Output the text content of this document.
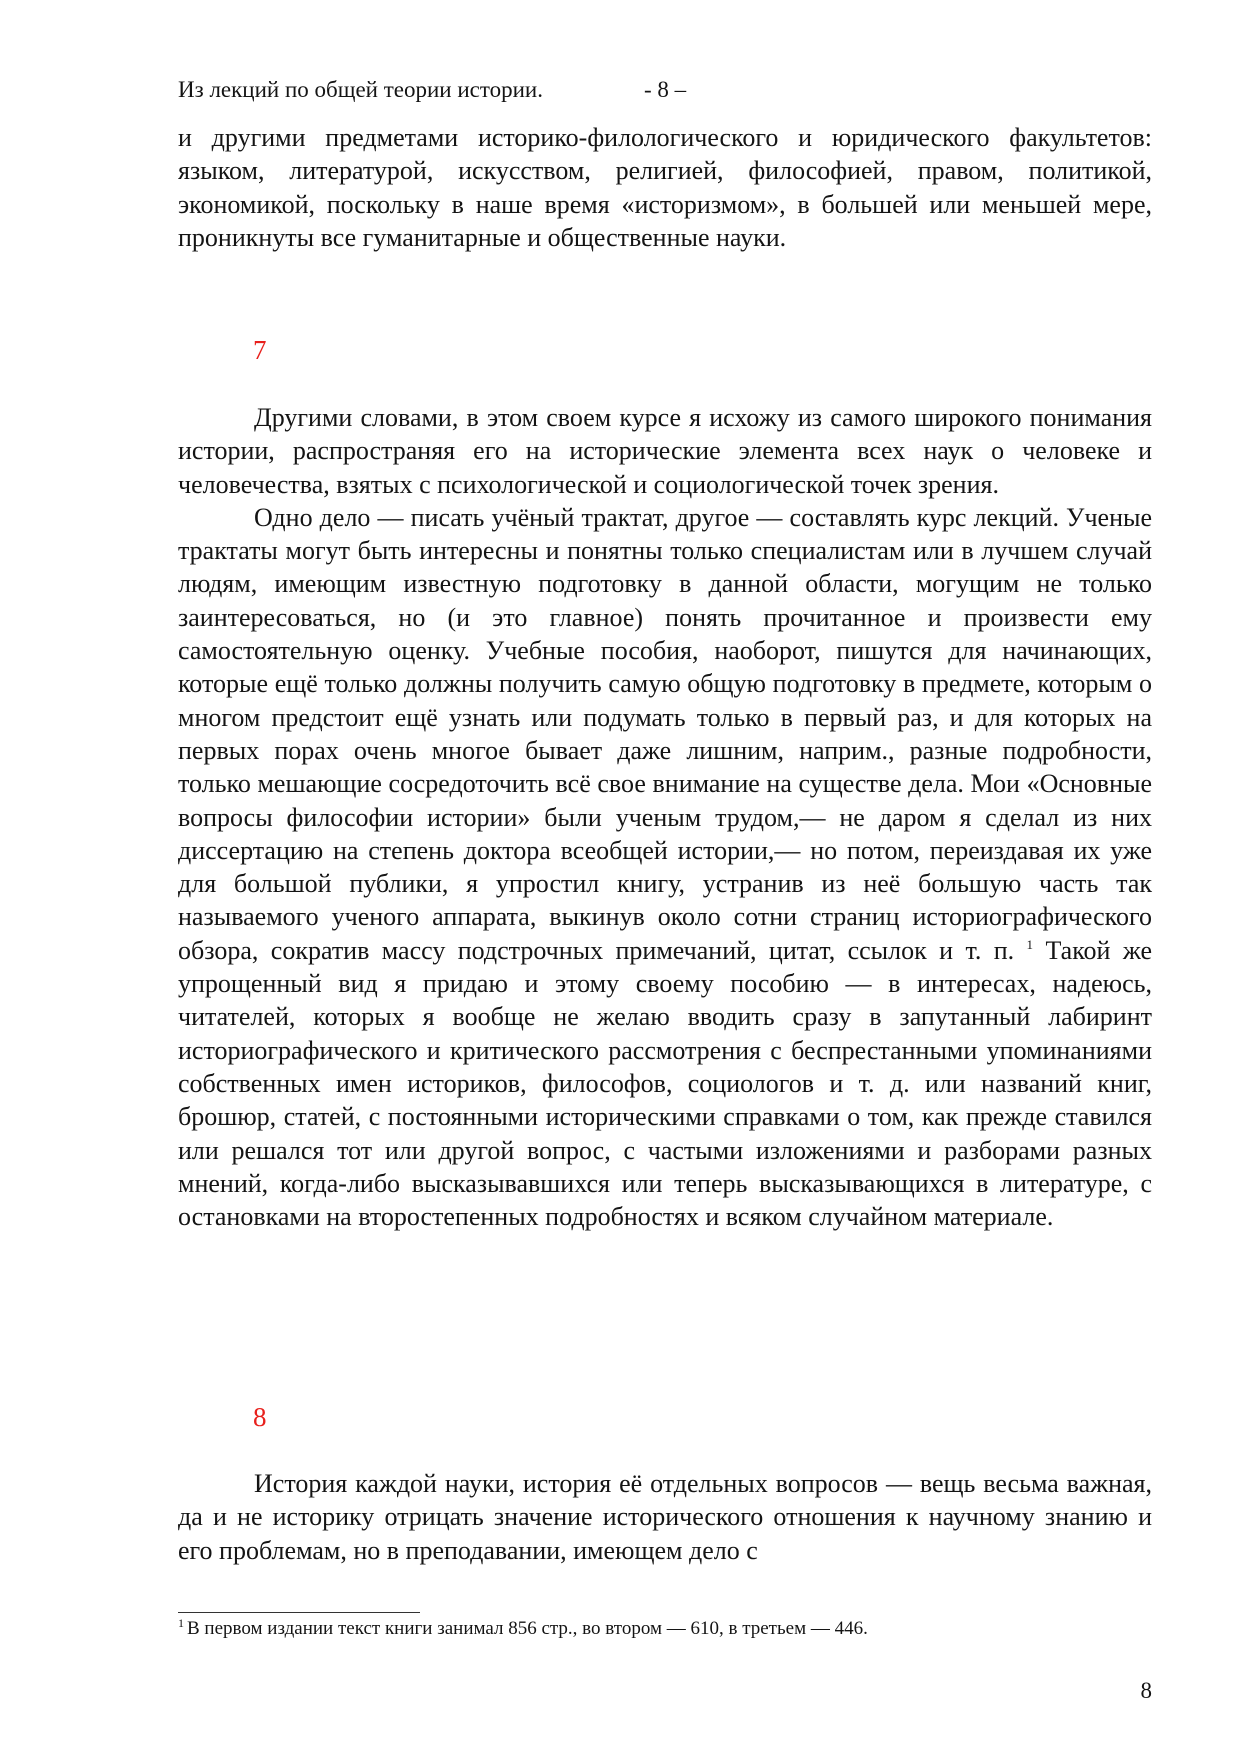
Из лекций по общей теории истории.	- 8 –

и другими предметами историко-филологического и юридического факультетов: языком, литературой, искусством, религией, философией, правом, политикой, экономикой, поскольку в наше время «историзмом», в большей или меньшей мере, проникнуты все гуманитарные и общественные науки.

7

Другими словами, в этом своем курсе я исхожу из самого широкого понимания истории, распространяя его на исторические элемента всех наук о человеке и человечества, взятых с психологической и социологической точек зрения.

Одно дело — писать учёный трактат, другое — составлять курс лекций. Ученые трактаты могут быть интересны и понятны только специалистам или в лучшем случай людям, имеющим известную подготовку в данной области, могущим не только заинтересоваться, но (и это главное) понять прочитанное и произвести ему самостоятельную оценку. Учебные пособия, наоборот, пишутся для начинающих, которые ещё только должны получить самую общую подготовку в предмете, которым о многом предстоит ещё узнать или подумать только в первый раз, и для которых на первых порах очень многое бывает даже лишним, наприм., разные подробности, только мешающие сосредоточить всё свое внимание на существе дела. Мои «Основные вопросы философии истории» были ученым трудом,— не даром я сделал из них диссертацию на степень доктора всеобщей истории,— но потом, переиздавая их уже для большой публики, я упростил книгу, устранив из неё большую часть так называемого ученого аппарата, выкинув около сотни страниц историографического обзора, сократив массу подстрочных примечаний, цитат, ссылок и т. п. $^1$ Такой же упрощенный вид я придаю и этому своему пособию — в интересах, надеюсь, читателей, которых я вообще не желаю вводить сразу в запутанный лабиринт историографического и критического рассмотрения с беспрестанными упоминаниями собственных имен историков, философов, социологов и т. д. или названий книг, брошюр, статей, с постоянными историческими справками о том, как прежде ставился или решался тот или другой вопрос, с частыми изложениями и разборами разных мнений, когда-либо высказывавшихся или теперь высказывающихся в литературе, с остановками на второстепенных подробностях и всяком случайном материале.

8

История каждой науки, история её отдельных вопросов — вещь весьма важная, да и не историку отрицать значение исторического отношения к научному знанию и его проблемам, но в преподавании, имеющем дело с

$^1$ В первом издании текст книги занимал 856 стр., во втором — 610, в третьем — 446.
8
